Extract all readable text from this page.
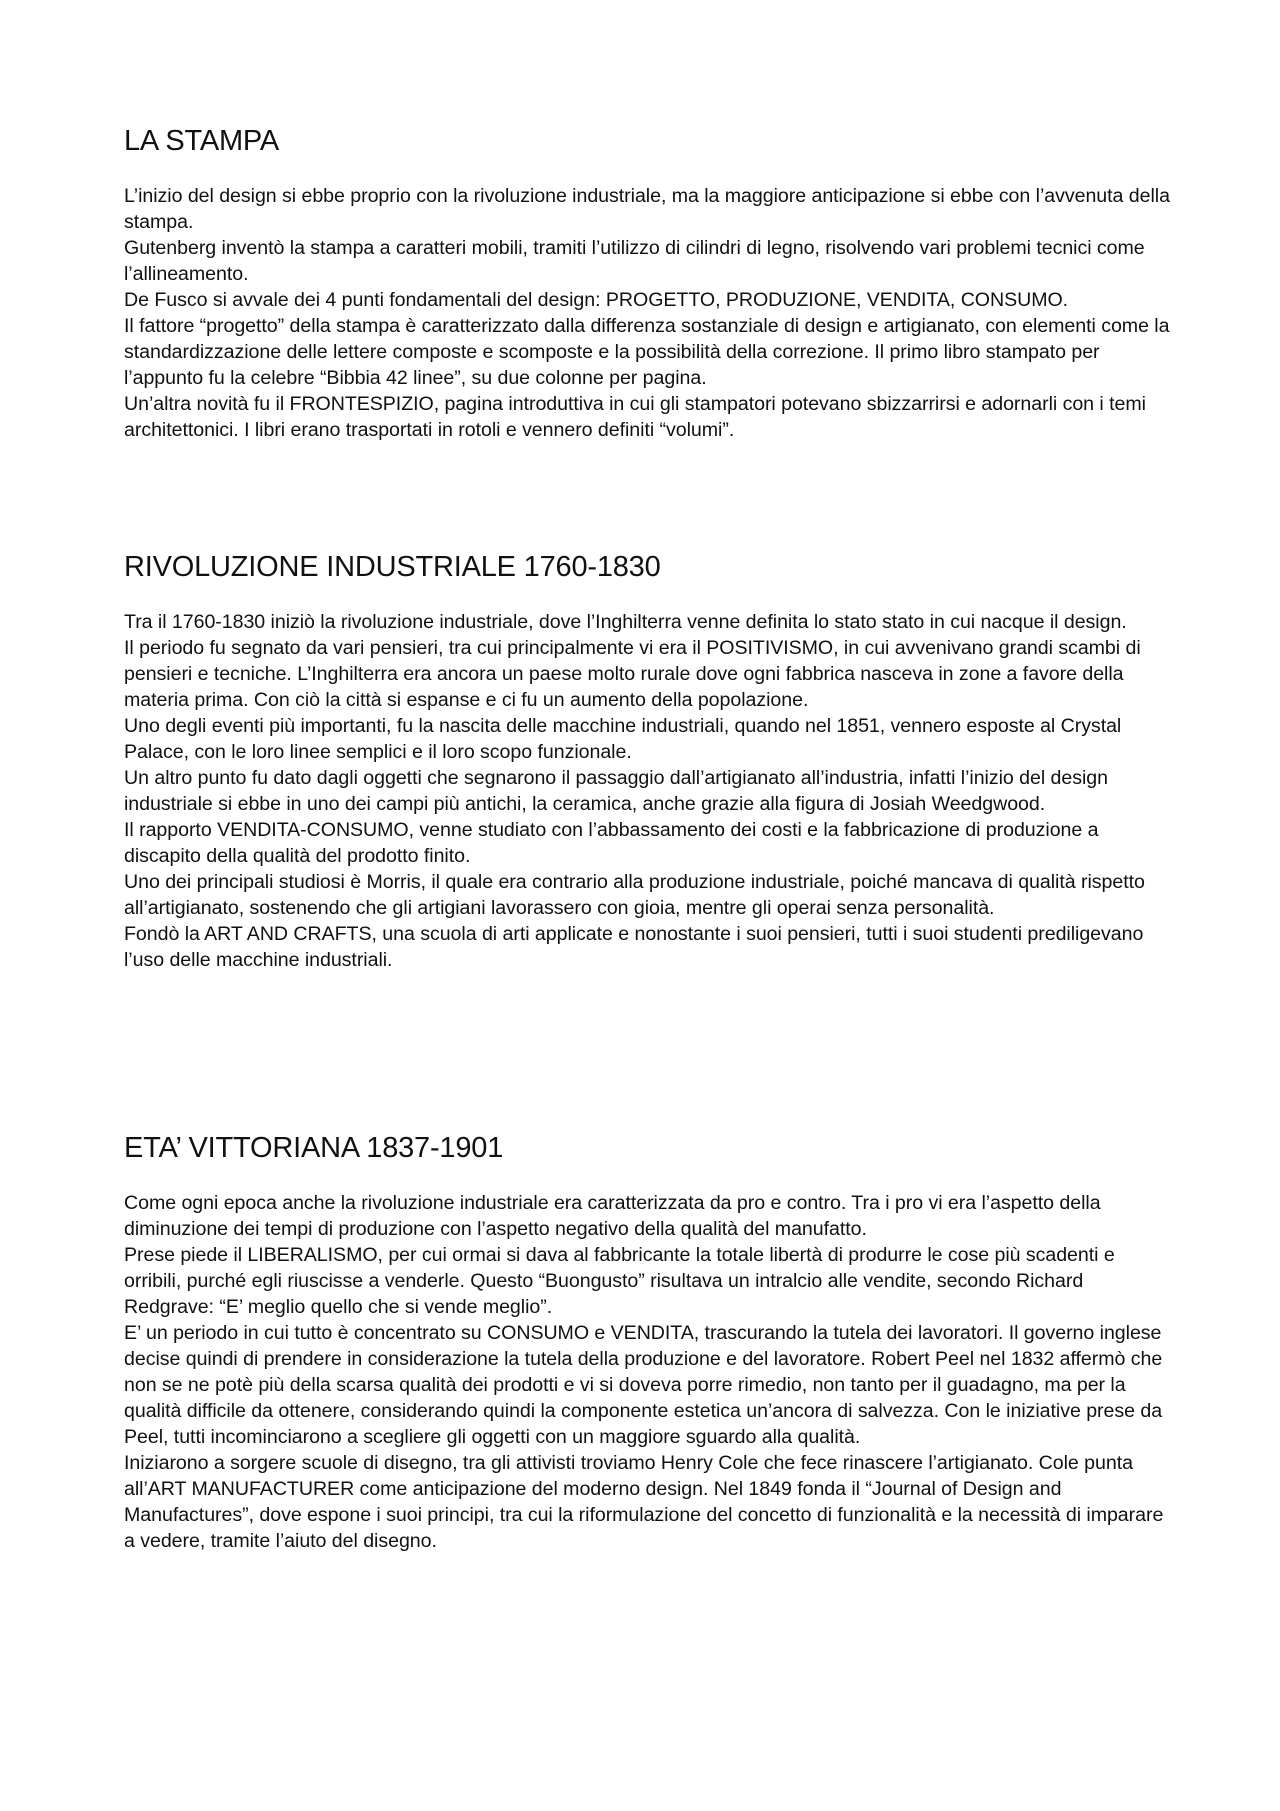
LA STAMPA

L’inizio del design si ebbe proprio con la rivoluzione industriale, ma la maggiore anticipazione si ebbe con l’avvenuta della stampa.

Gutenberg inventò la stampa a caratteri mobili, tramiti l’utilizzo di cilindri di legno, risolvendo vari problemi tecnici come l’allineamento.

De Fusco si avvale dei 4 punti fondamentali del design: PROGETTO, PRODUZIONE, VENDITA, CONSUMO.

Il fattore “progetto” della stampa è caratterizzato dalla differenza sostanziale di design e artigianato, con elementi come la standardizzazione delle lettere composte e scomposte e la possibilità della correzione. Il primo libro stampato per l’appunto fu la celebre “Bibbia 42 linee”, su due colonne per pagina.

Un’altra novità fu il FRONTESPIZIO, pagina introduttiva in cui gli stampatori potevano sbizzarrirsi e adornarli con i temi architettonici. I libri erano trasportati in rotoli e vennero definiti “volumi”.

RIVOLUZIONE INDUSTRIALE 1760-1830

Tra il 1760-1830 iniziò la rivoluzione industriale, dove l’Inghilterra venne definita lo stato stato in cui nacque il design.

Il periodo fu segnato da vari pensieri, tra cui principalmente vi era il POSITIVISMO, in cui avvenivano grandi scambi di pensieri e tecniche. L’Inghilterra era ancora un paese molto rurale dove ogni fabbrica nasceva in zone a favore della materia prima. Con ciò la città si espanse e ci fu un aumento della popolazione.

Uno degli eventi più importanti, fu la nascita delle macchine industriali, quando nel 1851, vennero esposte al Crystal Palace, con le loro linee semplici e il loro scopo funzionale.

Un altro punto fu dato dagli oggetti che segnarono il passaggio dall’artigianato all’industria, infatti l’inizio del design industriale si ebbe in uno dei campi più antichi, la ceramica, anche grazie alla figura di Josiah Weedgwood.

Il rapporto VENDITA-CONSUMO, venne studiato con l’abbassamento dei costi e la fabbricazione di produzione a discapito della qualità del prodotto finito.

Uno dei principali studiosi è Morris, il quale era contrario alla produzione industriale, poiché mancava di qualità rispetto all’artigianato, sostenendo che gli artigiani lavorassero con gioia, mentre gli operai senza personalità.

Fondò la ART AND CRAFTS, una scuola di arti applicate e nonostante i suoi pensieri, tutti i suoi studenti prediligevano l’uso delle macchine industriali.

ETA’ VITTORIANA 1837-1901

Come ogni epoca anche la rivoluzione industriale era caratterizzata da pro e contro. Tra i pro vi era l’aspetto della diminuzione dei tempi di produzione con l’aspetto negativo della qualità del manufatto.

Prese piede il LIBERALISMO, per cui ormai si dava al fabbricante la totale libertà di produrre le cose più scadenti e orribili, purché egli riuscisse a venderle. Questo “Buongusto” risultava un intralcio alle vendite, secondo Richard Redgrave: “E’ meglio quello che si vende meglio”.

E’ un periodo in cui tutto è concentrato su CONSUMO e VENDITA, trascurando la tutela dei lavoratori. Il governo inglese decise quindi di prendere in considerazione la tutela della produzione e del lavoratore. Robert Peel nel 1832 affermò che non se ne potè più della scarsa qualità dei prodotti e vi si doveva porre rimedio, non tanto per il guadagno, ma per la qualità difficile da ottenere, considerando quindi la componente estetica un’ancora di salvezza. Con le iniziative prese da Peel, tutti incominciarono a scegliere gli oggetti con un maggiore sguardo alla qualità.

Iniziarono a sorgere scuole di disegno, tra gli attivisti troviamo Henry Cole che fece rinascere l’artigianato. Cole punta all’ART MANUFACTURER come anticipazione del moderno design. Nel 1849 fonda il “Journal of Design and Manufactures”, dove espone i suoi principi, tra cui la riformulazione del concetto di funzionalità e la necessità di imparare a vedere, tramite l’aiuto del disegno.
